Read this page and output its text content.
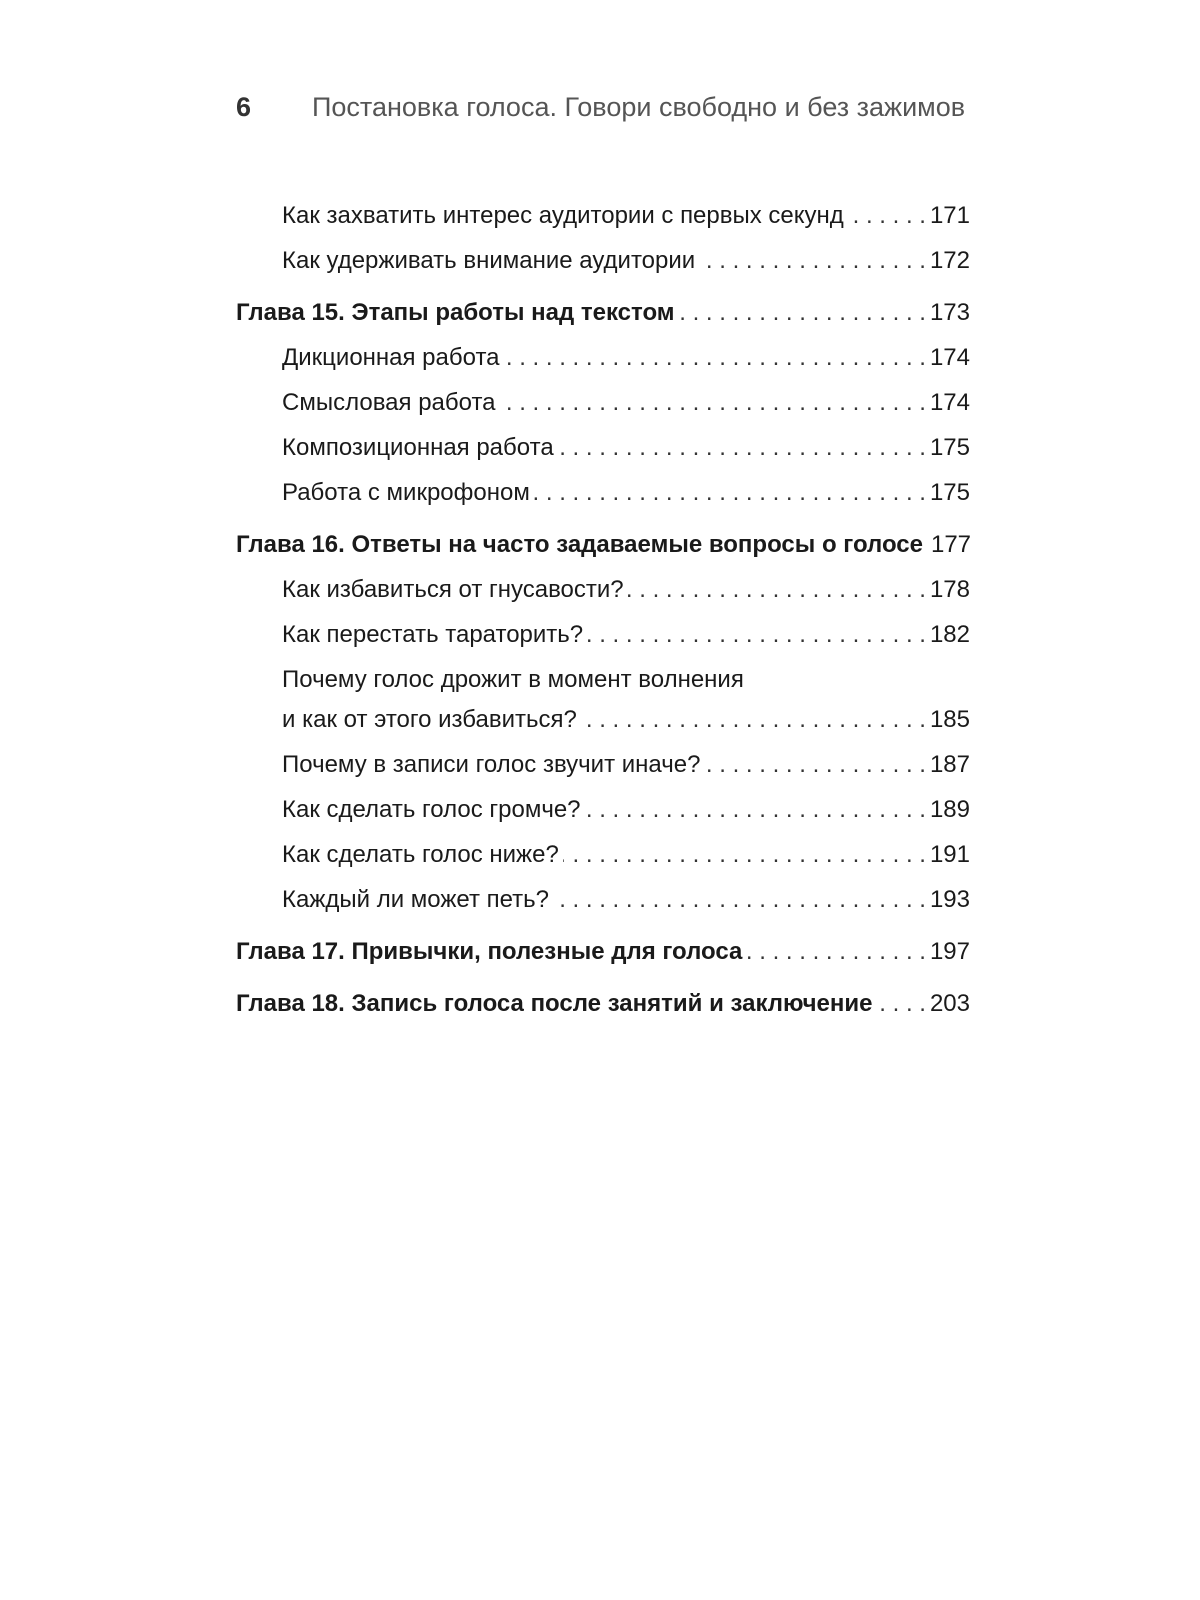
6 Постановка голоса. Говори свободно и без зажимов
Как захватить интерес аудитории с первых секунд . . .	171
Как удерживать внимание аудитории . . .	172
Глава 15. Этапы работы над текстом . . .	173
Дикционная работа . . .	174
Смысловая работа . . .	174
Композиционная работа . . .	175
Работа с микрофоном . . .	175
Глава 16. Ответы на часто задаваемые вопросы о голосе 177
Как избавиться от гнусавости? . . .	178
Как перестать тараторить? . . .	182
Почему голос дрожит в момент волнения
и как от этого избавиться? . . .	185
Почему в записи голос звучит иначе? . . .	187
Как сделать голос громче? . . .	189
Как сделать голос ниже? . . .	191
Каждый ли может петь? . . .	193
Глава 17. Привычки, полезные для голоса . . .	197
Глава 18. Запись голоса после занятий и заключение . . . 203
